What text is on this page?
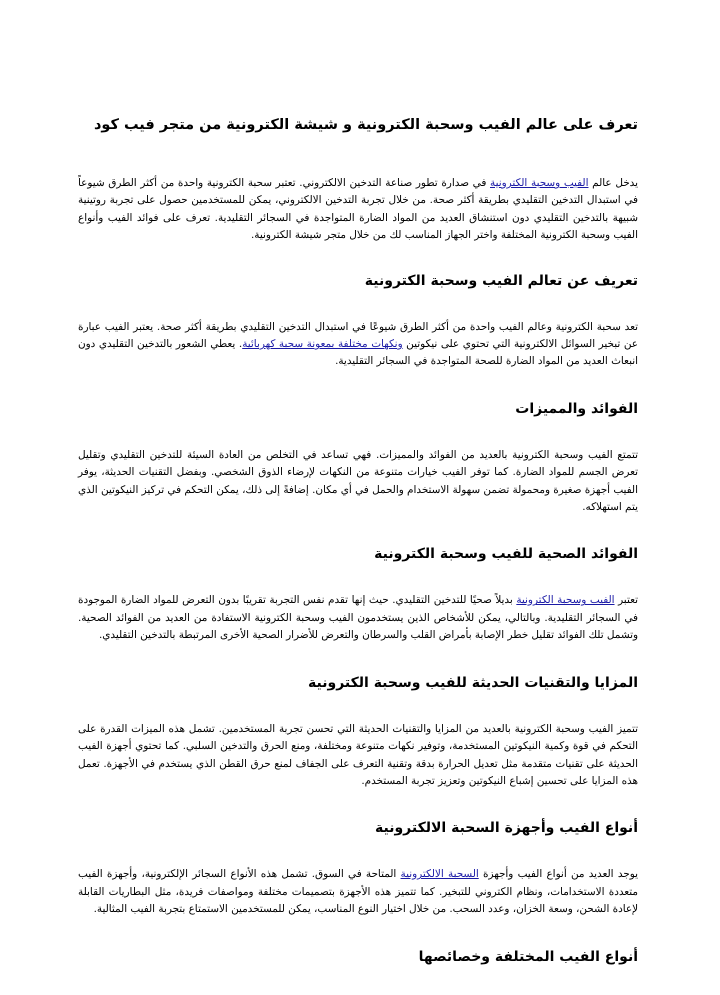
تعرف على عالم الفيب وسحبة الكترونية و شيشة الكترونية من متجر فيب كود

يدخل عالم الفيب وسحبة الكترونية في صدارة تطور صناعة التدخين الالكتروني. تعتبر سحبة الكترونية واحدة من أكثر الطرق شيوعاً في استبدال التدخين التقليدي بطريقة أكثر صحة. من خلال تجربة التدخين الالكتروني، يمكن للمستخدمين حصول على تجربة روتينية شبيهة بالتدخين التقليدي دون استنشاق العديد من المواد الضارة المتواجدة في السجائر التقليدية. تعرف على فوائد الفيب وأنواع الفيب وسحبة الكترونية المختلفة واختر الجهاز المناسب لك من خلال متجر شيشة الكترونية.

تعريف عن تعالم الفيب وسحبة الكترونية

تعد سحبة الكترونية وعالم الفيب واحدة من أكثر الطرق شيوعًا في استبدال التدخين التقليدي بطريقة أكثر صحة. يعتبر الفيب عبارة عن تبخير السوائل الالكترونية التي تحتوي على نيكوتين ونكهات مختلفة بمعونة سحبة كهربائية. يعطي الشعور بالتدخين التقليدي دون انبعاث العديد من المواد الضارة للصحة المتواجدة في السجائر التقليدية.

الفوائد والمميزات

تتمتع الفيب وسحبة الكترونية بالعديد من الفوائد والمميزات. فهي تساعد في التخلص من العادة السيئة للتدخين التقليدي وتقليل تعرض الجسم للمواد الضارة. كما توفر الفيب خيارات متنوعة من النكهات لإرضاء الذوق الشخصي. وبفضل التقنيات الحديثة، يوفر الفيب أجهزة صغيرة ومحمولة تضمن سهولة الاستخدام والحمل في أي مكان. إضافةً إلى ذلك، يمكن التحكم في تركيز النيكوتين الذي يتم استهلاكه.

الفوائد الصحية للفيب وسحبة الكترونية

تعتبر الفيب وسحبة الكترونية بديلاً صحيًا للتدخين التقليدي. حيث إنها تقدم نفس التجربة تقريبًا بدون التعرض للمواد الضارة الموجودة في السجائر التقليدية. وبالتالي، يمكن للأشخاص الذين يستخدمون الفيب وسحبة الكترونية الاستفادة من العديد من الفوائد الصحية. وتشمل تلك الفوائد تقليل خطر الإصابة بأمراض القلب والسرطان والتعرض للأضرار الصحية الأخرى المرتبطة بالتدخين التقليدي.

المزايا والتقنيات الحديثة للفيب وسحبة الكترونية

تتميز الفيب وسحبة الكترونية بالعديد من المزايا والتقنيات الحديثة التي تحسن تجربة المستخدمين. تشمل هذه الميزات القدرة على التحكم في قوة وكمية النيكوتين المستخدمة، وتوفير نكهات متنوعة ومختلفة، ومنع الحرق والتدخين السلبي. كما تحتوي أجهزة الفيب الحديثة على تقنيات متقدمة مثل تعديل الحرارة بدقة وتقنية التعرف على الجفاف لمنع حرق القطن الذي يستخدم في الأجهزة. تعمل هذه المزايا على تحسين إشباع النيكوتين وتعزيز تجربة المستخدم.

أنواع الفيب وأجهزة السحبة الالكترونية

يوجد العديد من أنواع الفيب وأجهزة السحبة الالكترونية المتاحة في السوق. تشمل هذه الأنواع السجائر الإلكترونية، وأجهزة الفيب متعددة الاستخدامات، ونظام الكتروني للتبخير. كما تتميز هذه الأجهزة بتصميمات مختلفة ومواصفات فريدة، مثل البطاريات القابلة لإعادة الشحن، وسعة الخزان، وعدد السحب. من خلال اختيار النوع المناسب، يمكن للمستخدمين الاستمتاع بتجربة الفيب المثالية.

أنواع الفيب المختلفة وخصائصها
